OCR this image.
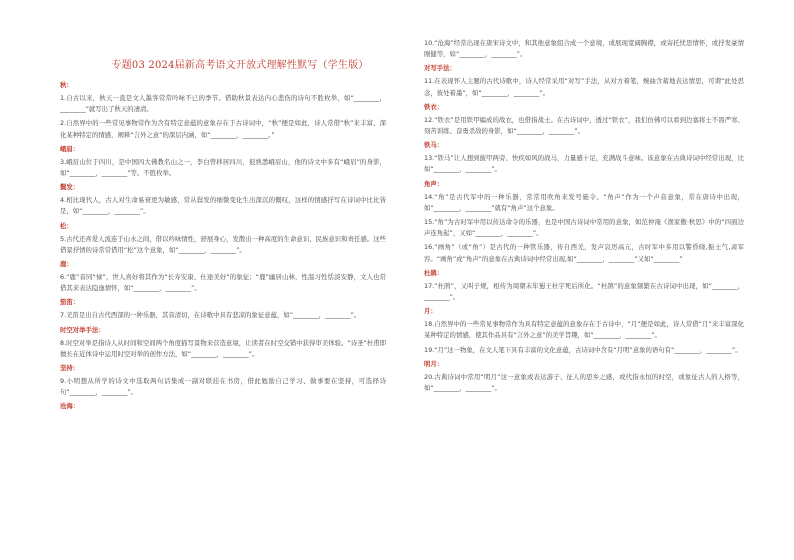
专题03 2024届新高考语文开放式理解性默写（学生版）
秋：
1.自古以来，秋天一直是文人墨客常常吟咏不已的季节。借助秋景表达内心悲伤的诗句不胜枚举，如“________，________”就写出了秋天的凄清。
2.自然界中的一些常见事物常作为含有特定意蕴的意象存在于古诗词中，“秋”便是如此，诗人常借“秋”来丰富、深化某种特定的情感，阐释“言外之意”的深层内涵，如“________，________。”
峨眉：
3.峨眉山位于四川，是中国四大佛教名山之一，李白曾移居四川，很熟悉峨眉山，他的诗文中多有“峨眉”的身影，如“________，________”等。不胜枚举。
鬓发：
4.相比现代人，古人对生命易衰更为敏感，常从鬓发的细微变化生出深沉的慨叹，这样的情感抒写在诗词中比比皆是，如“________，________”。
松：
5.古代还喜爱人流连于山水之间，借以吟咏情性，舒展身心，发散出一种高度的生命意识、民族意识和责任感。这些借景抒情的诗常常借用“松”这个意象，如“________，________”。
鹿：
6.“鹿”音同“禄”，世人喜好将其作为“长寿安康、仕途美好”的象征；“鹿”幽居山林，性温习性恬淡安静，文人也常借其来表达隐逸情怀，如“________，________”。
笳笛：
7.羌笛是出自古代西部的一种乐器，其音清切，在诗歌中具有悲凉的象征意蕴，如“________，________”。
时空对举手法：
8.时空对举是指诗人从时间和空间两个角度描写景物来营造意境，让读者在时空交错中获得审美体验。“诗圣”杜甫即擅长在近体诗中运用时空对举的创作方法，如“________，________”。
坚持：
9.小明想从所学的诗文中选取两句话集成一副对联挂在书房，借此勉励自己学习、做事要在坚持，可选择诗句“________，________”。
沧海：
10.“沧海”经常出现在唐宋诗文中，和其他意象组合成一个意境，或展现宽阔胸襟，或寄托忧思情怀，或抒发豪情刚健等，如“________，________”。
对写手法：
11.在表现怀人主题的古代诗歌中，诗人经常采用“对写”手法，从对方着笔，婉曲含蓄地表达情思，可谓“此处思念，彼处着墨”，如“________，________”。
铁衣：
12.“铁衣”是用铁甲编成的战衣，也借指战士。在古诗词中，透过“铁衣”，我们仿佛可以看到边塞将士不畏严寒、刻苦训练、奋勇杀敌的身影，如“________，________”。
铁马：
13.“铁马”让人想到披甲两旁、快疾如风的战马，力量感十足，充满战斗意味。该意象在古典诗词中经常出现，比如“________，________”。
角声：
14.“角”是古代军中的一种乐器，常常用吹角来发号施令。“角声”作为一个声音意象，常在唐诗中出现，如“________，________”就有“角声”这个意象。
15.“角”为古时军中用以传达命令的乐器，也是中国古诗词中常用的意象，如范仲淹《渔家傲·秋思》中的“四面边声连角起”，又如“________，________”。
16.“画角”（或“角”）是古代的一种管乐器，传自西羌，发声哀厉高亢，古时军中多用以警昏晓,振士气,肃军容。“画角”或“角声”的意象在古典诗词中经常出现,如“________，________”又如“________”
杜鹃：
17.“杜鹃”，又叫子规，相传为周朝末年蜀王杜宇死后所化。“杜鹃”的意象频繁在古诗词中出现，如“________，________”。
月：
18.自然界中的一些常见事物常作为具有特定意蕴的意象存在于古诗中，“月”便是如此，诗人常借“月”来丰富深化某种特定的情感，使其作品具有“言外之意”的美学旨趣，如“________，________”。
19.“月”这一物象，在文人笔下具有丰富的文化意蕴，古诗词中含有“月明”意象的语句有“________，________”。
明月：
20.古典诗词中常用“明月”这一意象或表达游子、征人的思乡之感，或代指永恒的时空，或象征古人的人格等，如“________，________”。
